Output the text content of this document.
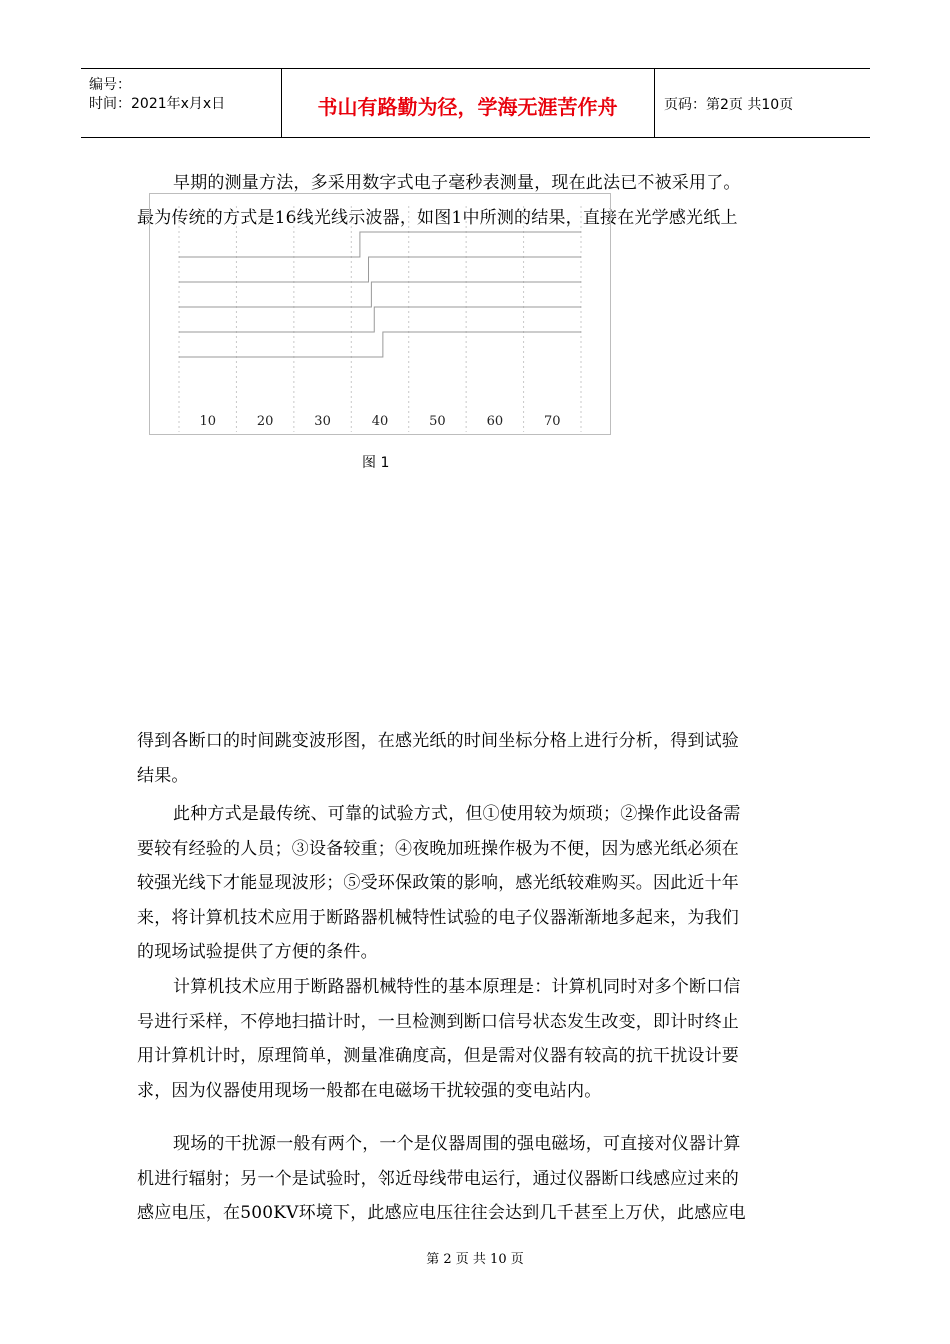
编号：
时间：2021年x月x日	书山有路勤为径，学海无涯苦作舟	页码：第2页 共10页
早期的测量方法，多采用数字式电子毫秒表测量，现在此法已不被采用了。
最为传统的方式是16线光线示波器，如图1中所测的结果，直接在光学感光纸上
10	20	30	40	50	60	70
图 1
得到各断口的时间跳变波形图，在感光纸的时间坐标分格上进行分析，得到试验
结果。
此种方式是最传统、可靠的试验方式，但①使用较为烦琐；②操作此设备需
要较有经验的人员；③设备较重；④夜晚加班操作极为不便，因为感光纸必须在
较强光线下才能显现波形；⑤受环保政策的影响，感光纸较难购买。因此近十年
来，将计算机技术应用于断路器机械特性试验的电子仪器渐渐地多起来，为我们
的现场试验提供了方便的条件。
计算机技术应用于断路器机械特性的基本原理是：计算机同时对多个断口信
号进行采样，不停地扫描计时，一旦检测到断口信号状态发生改变，即计时终止
用计算机计时，原理简单，测量准确度高，但是需对仪器有较高的抗干扰设计要
求，因为仪器使用现场一般都在电磁场干扰较强的变电站内。
现场的干扰源一般有两个，一个是仪器周围的强电磁场，可直接对仪器计算
机进行辐射；另一个是试验时，邻近母线带电运行，通过仪器断口线感应过来的
感应电压，在500KV环境下，此感应电压往往会达到几千甚至上万伏，此感应电
第 2 页 共 10 页
